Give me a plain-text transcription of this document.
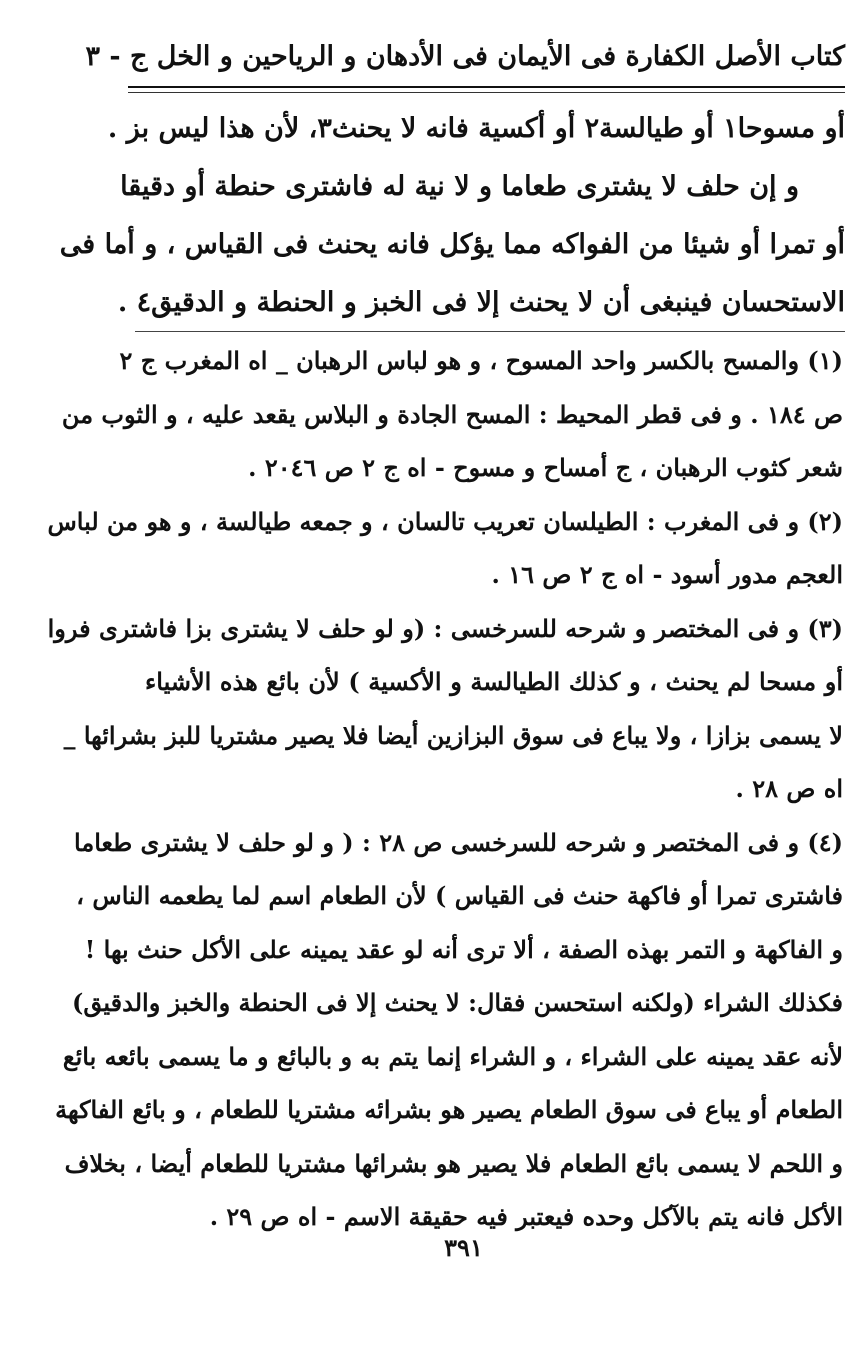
كتاب الأصل الكفارة فى الأيمان فى الأدهان و الرياحين و الخل ج - ٣
أو مسوحا١ أو طيالسة٢ أو أكسية فانه لا يحنث٣، لأن هذا ليس بز .
و إن حلف لا يشترى طعاما و لا نية له فاشترى حنطة أو دقيقا
أو تمرا أو شيئا من الفواكه مما يؤكل فانه يحنث فى القياس ، و أما فى
الاستحسان فينبغى أن لا يحنث إلا فى الخبز و الحنطة و الدقيق٤ .
(١) والمسح بالكسر واحد المسوح ، و هو لباس الرهبان _ اه المغرب ج ٢
ص ١٨٤ . و فى قطر المحيط : المسح الجادة و البلاس يقعد عليه ، و الثوب من
شعر كثوب الرهبان ، ج أمساح و مسوح - اه ج ٢ ص ٢٠٤٦ .
(٢) و فى المغرب : الطيلسان تعريب تالسان ، و جمعه طيالسة ، و هو من لباس
العجم مدور أسود - اه ج ٢ ص ١٦ .
(٣) و فى المختصر و شرحه للسرخسى : (و لو حلف لا يشترى بزا فاشترى فروا
أو مسحا لم يحنث ، و كذلك الطيالسة و الأكسية ) لأن بائع هذه الأشياء
لا يسمى بزازا ، ولا يباع فى سوق البزازين أيضا فلا يصير مشتريا للبز بشرائها _
اه ص ٢٨ .
(٤) و فى المختصر و شرحه للسرخسى ص ٢٨ : ( و لو حلف لا يشترى طعاما
فاشترى تمرا أو فاكهة حنث فى القياس ) لأن الطعام اسم لما يطعمه الناس ،
و الفاكهة و التمر بهذه الصفة ، ألا ترى أنه لو عقد يمينه على الأكل حنث بها !
فكذلك الشراء (ولكنه استحسن فقال: لا يحنث إلا فى الحنطة والخبز والدقيق)
لأنه عقد يمينه على الشراء ، و الشراء إنما يتم به و بالبائع و ما يسمى بائعه بائع
الطعام أو يباع فى سوق الطعام يصير هو بشرائه مشتريا للطعام ، و بائع الفاكهة
و اللحم لا يسمى بائع الطعام فلا يصير هو بشرائها مشتريا للطعام أيضا ، بخلاف
الأكل فانه يتم بالآكل وحده فيعتبر فيه حقيقة الاسم - اه ص ٢٩ .
٣٩١
